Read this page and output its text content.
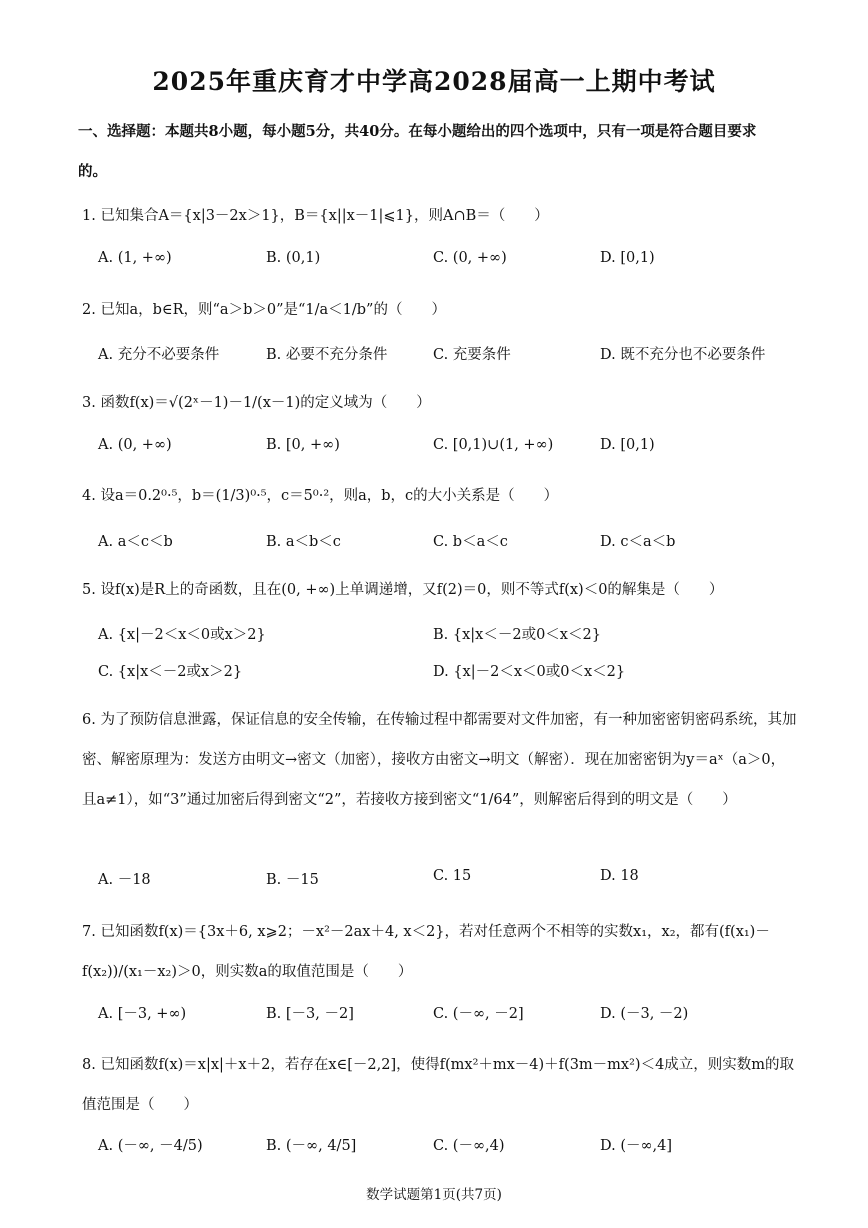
2025年重庆育才中学高2028届高一上期中考试
一、选择题：本题共8小题，每小题5分，共40分。在每小题给出的四个选项中，只有一项是符合题目要求
的。
1. 已知集合A＝{x|3－2x＞1}，B＝{x||x－1|⩽1}，则A∩B＝（　　）
A. (1, +∞)	B. (0,1)	C. (0, +∞)	D. [0,1)
2. 已知a，b∈R，则“a＞b＞0”是“1/a＜1/b”的（　　）
A. 充分不必要条件	B. 必要不充分条件	C. 充要条件	D. 既不充分也不必要条件
3. 函数f(x)＝√(2ˣ－1)－1/(x－1)的定义域为（　　）
A. (0, +∞)	B. [0, +∞)	C. [0,1)∪(1, +∞)	D. [0,1)
4. 设a＝0.2⁰·⁵，b＝(1/3)⁰·⁵，c＝5⁰·²，则a，b，c的大小关系是（　　）
A. a＜c＜b	B. a＜b＜c	C. b＜a＜c	D. c＜a＜b
5. 设f(x)是R上的奇函数，且在(0, +∞)上单调递增，又f(2)＝0，则不等式f(x)＜0的解集是（　　）
A. {x|－2＜x＜0或x＞2}	B. {x|x＜－2或0＜x＜2}
C. {x|x＜－2或x＞2}	D. {x|－2＜x＜0或0＜x＜2}
6. 为了预防信息泄露，保证信息的安全传输，在传输过程中都需要对文件加密，有一种加密密钥密码系统，其加密、解密原理为：发送方由明文→密文（加密），接收方由密文→明文（解密）．现在加密密钥为y＝aˣ（a＞0，且a≠1），如“3”通过加密后得到密文“2”，若接收方接到密文“1/64”，则解密后得到的明文是（　　）
A. －18	B. －15	C. 15	D. 18
7. 已知函数f(x)＝{3x＋6, x⩾2；－x²－2ax＋4, x＜2}，若对任意两个不相等的实数x₁，x₂，都有(f(x₁)－f(x₂))/(x₁－x₂)＞0，则实数a的取值范围是（　　）
A. [－3, +∞)	B. [－3, －2]	C. (－∞, －2]	D. (－3, －2)
8. 已知函数f(x)＝x|x|＋x＋2，若存在x∈[－2,2]，使得f(mx²＋mx－4)＋f(3m－mx²)＜4成立，则实数m的取值范围是（　　）
A. (－∞, －4/5)	B. (－∞, 4/5]	C. (－∞,4)	D. (－∞,4]
数学试题第1页(共7页)
